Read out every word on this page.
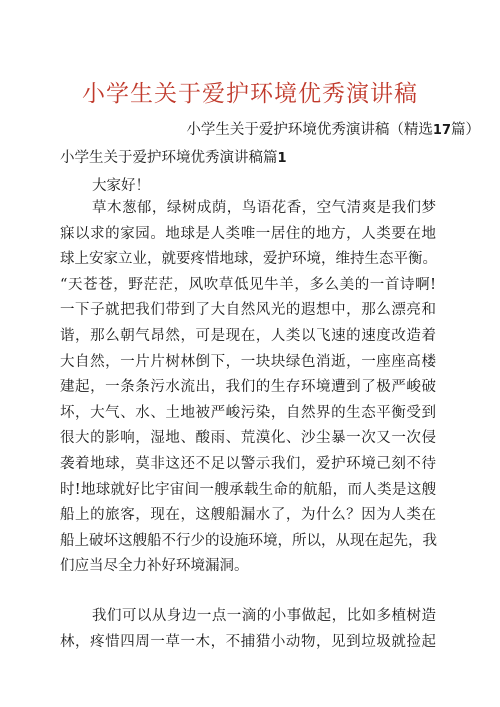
小学生关于爱护环境优秀演讲稿
小学生关于爱护环境优秀演讲稿（精选17篇）
小学生关于爱护环境优秀演讲稿篇1
大家好！
草木葱郁，绿树成荫，鸟语花香，空气清爽是我们梦
寐以求的家园。地球是人类唯一居住的地方，人类要在地
球上安家立业，就要疼惜地球，爱护环境，维持生态平衡。
“天苍苍，野茫茫，风吹草低见牛羊，多么美的一首诗啊!
一下子就把我们带到了大自然风光的遐想中，那么漂亮和
谐，那么朝气昂然，可是现在，人类以飞速的速度改造着
大自然，一片片树林倒下，一块块绿色消逝，一座座高楼
建起，一条条污水流出，我们的生存环境遭到了极严峻破
坏，大气、水、土地被严峻污染，自然界的生态平衡受到
很大的影响，湿地、酸雨、荒漠化、沙尘暴一次又一次侵
袭着地球，莫非这还不足以警示我们，爱护环境己刻不待
时!地球就好比宇宙间一艘承载生命的航船，而人类是这艘
船上的旅客，现在，这艘船漏水了，为什么？因为人类在
船上破坏这艘船不行少的设施环境，所以，从现在起先，我
们应当尽全力补好环境漏洞。
我们可以从身边一点一滴的小事做起，比如多植树造
林，疼惜四周一草一木，不捕猎小动物，见到垃圾就捡起
